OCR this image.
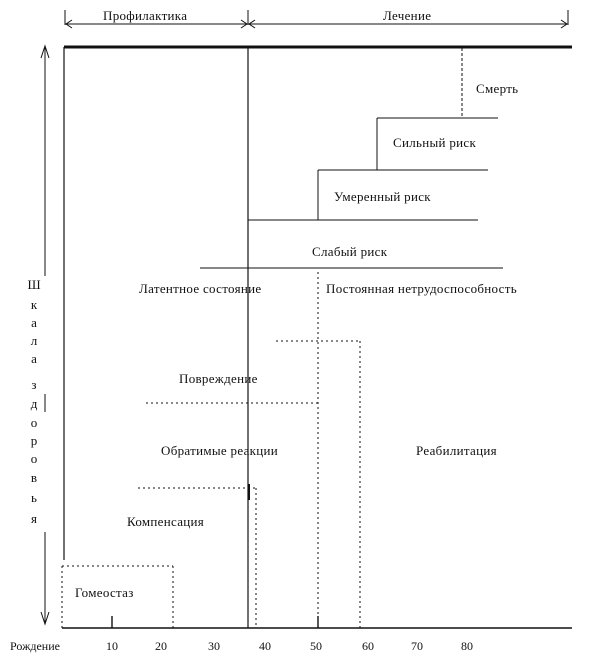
Профилактика	Лечение
Ш
к
а
л
а
з
д
о
р
о
в
ь
я
Смерть
Сильный риск
Умеренный риск
Слабый риск
Латентное состояние	Постоянная нетрудоспособность
Повреждение
Обратимые реакции	Реабилитация
Компенсация
Гомеостаз
Рождение	10	20	30	40	50	60	70	80
